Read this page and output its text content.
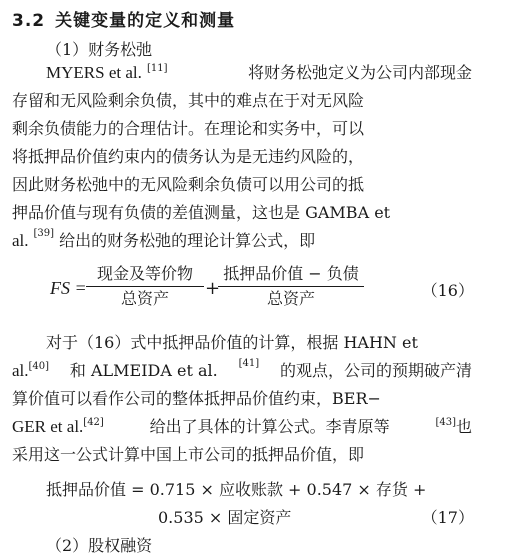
3.2 关键变量的定义和测量
（1）财务松弛
MYERS et al. [11]	将财务松弛定义为公司内部现金
存留和无风险剩余负债，其中的难点在于对无风险
剩余负债能力的合理估计。在理论和实务中，可以
将抵押品价值约束内的债务认为是无违约风险的，
因此财务松弛中的无风险剩余负债可以用公司的抵
押品价值与现有负债的差值测量，这也是 GAMBA et
al. [39] 给出的财务松弛的理论计算公式，即
FS =
现金及等价物
总资产	+
抵押品价值 − 负债
总资产	（16）
对于（16）式中抵押品价值的计算，根据 HAHN et
al.[40] 和 ALMEIDA et al. [41] 的观点，公司的预期破产清
算价值可以看作公司的整体抵押品价值约束，BER−
GER et al.[42]	给出了具体的计算公式。李青原等	[43]也
采用这一公式计算中国上市公司的抵押品价值，即
抵押品价值 = 0.715 × 应收账款 + 0.547 × 存货 +
0.535 × 固定资产	（17）
（2）股权融资
